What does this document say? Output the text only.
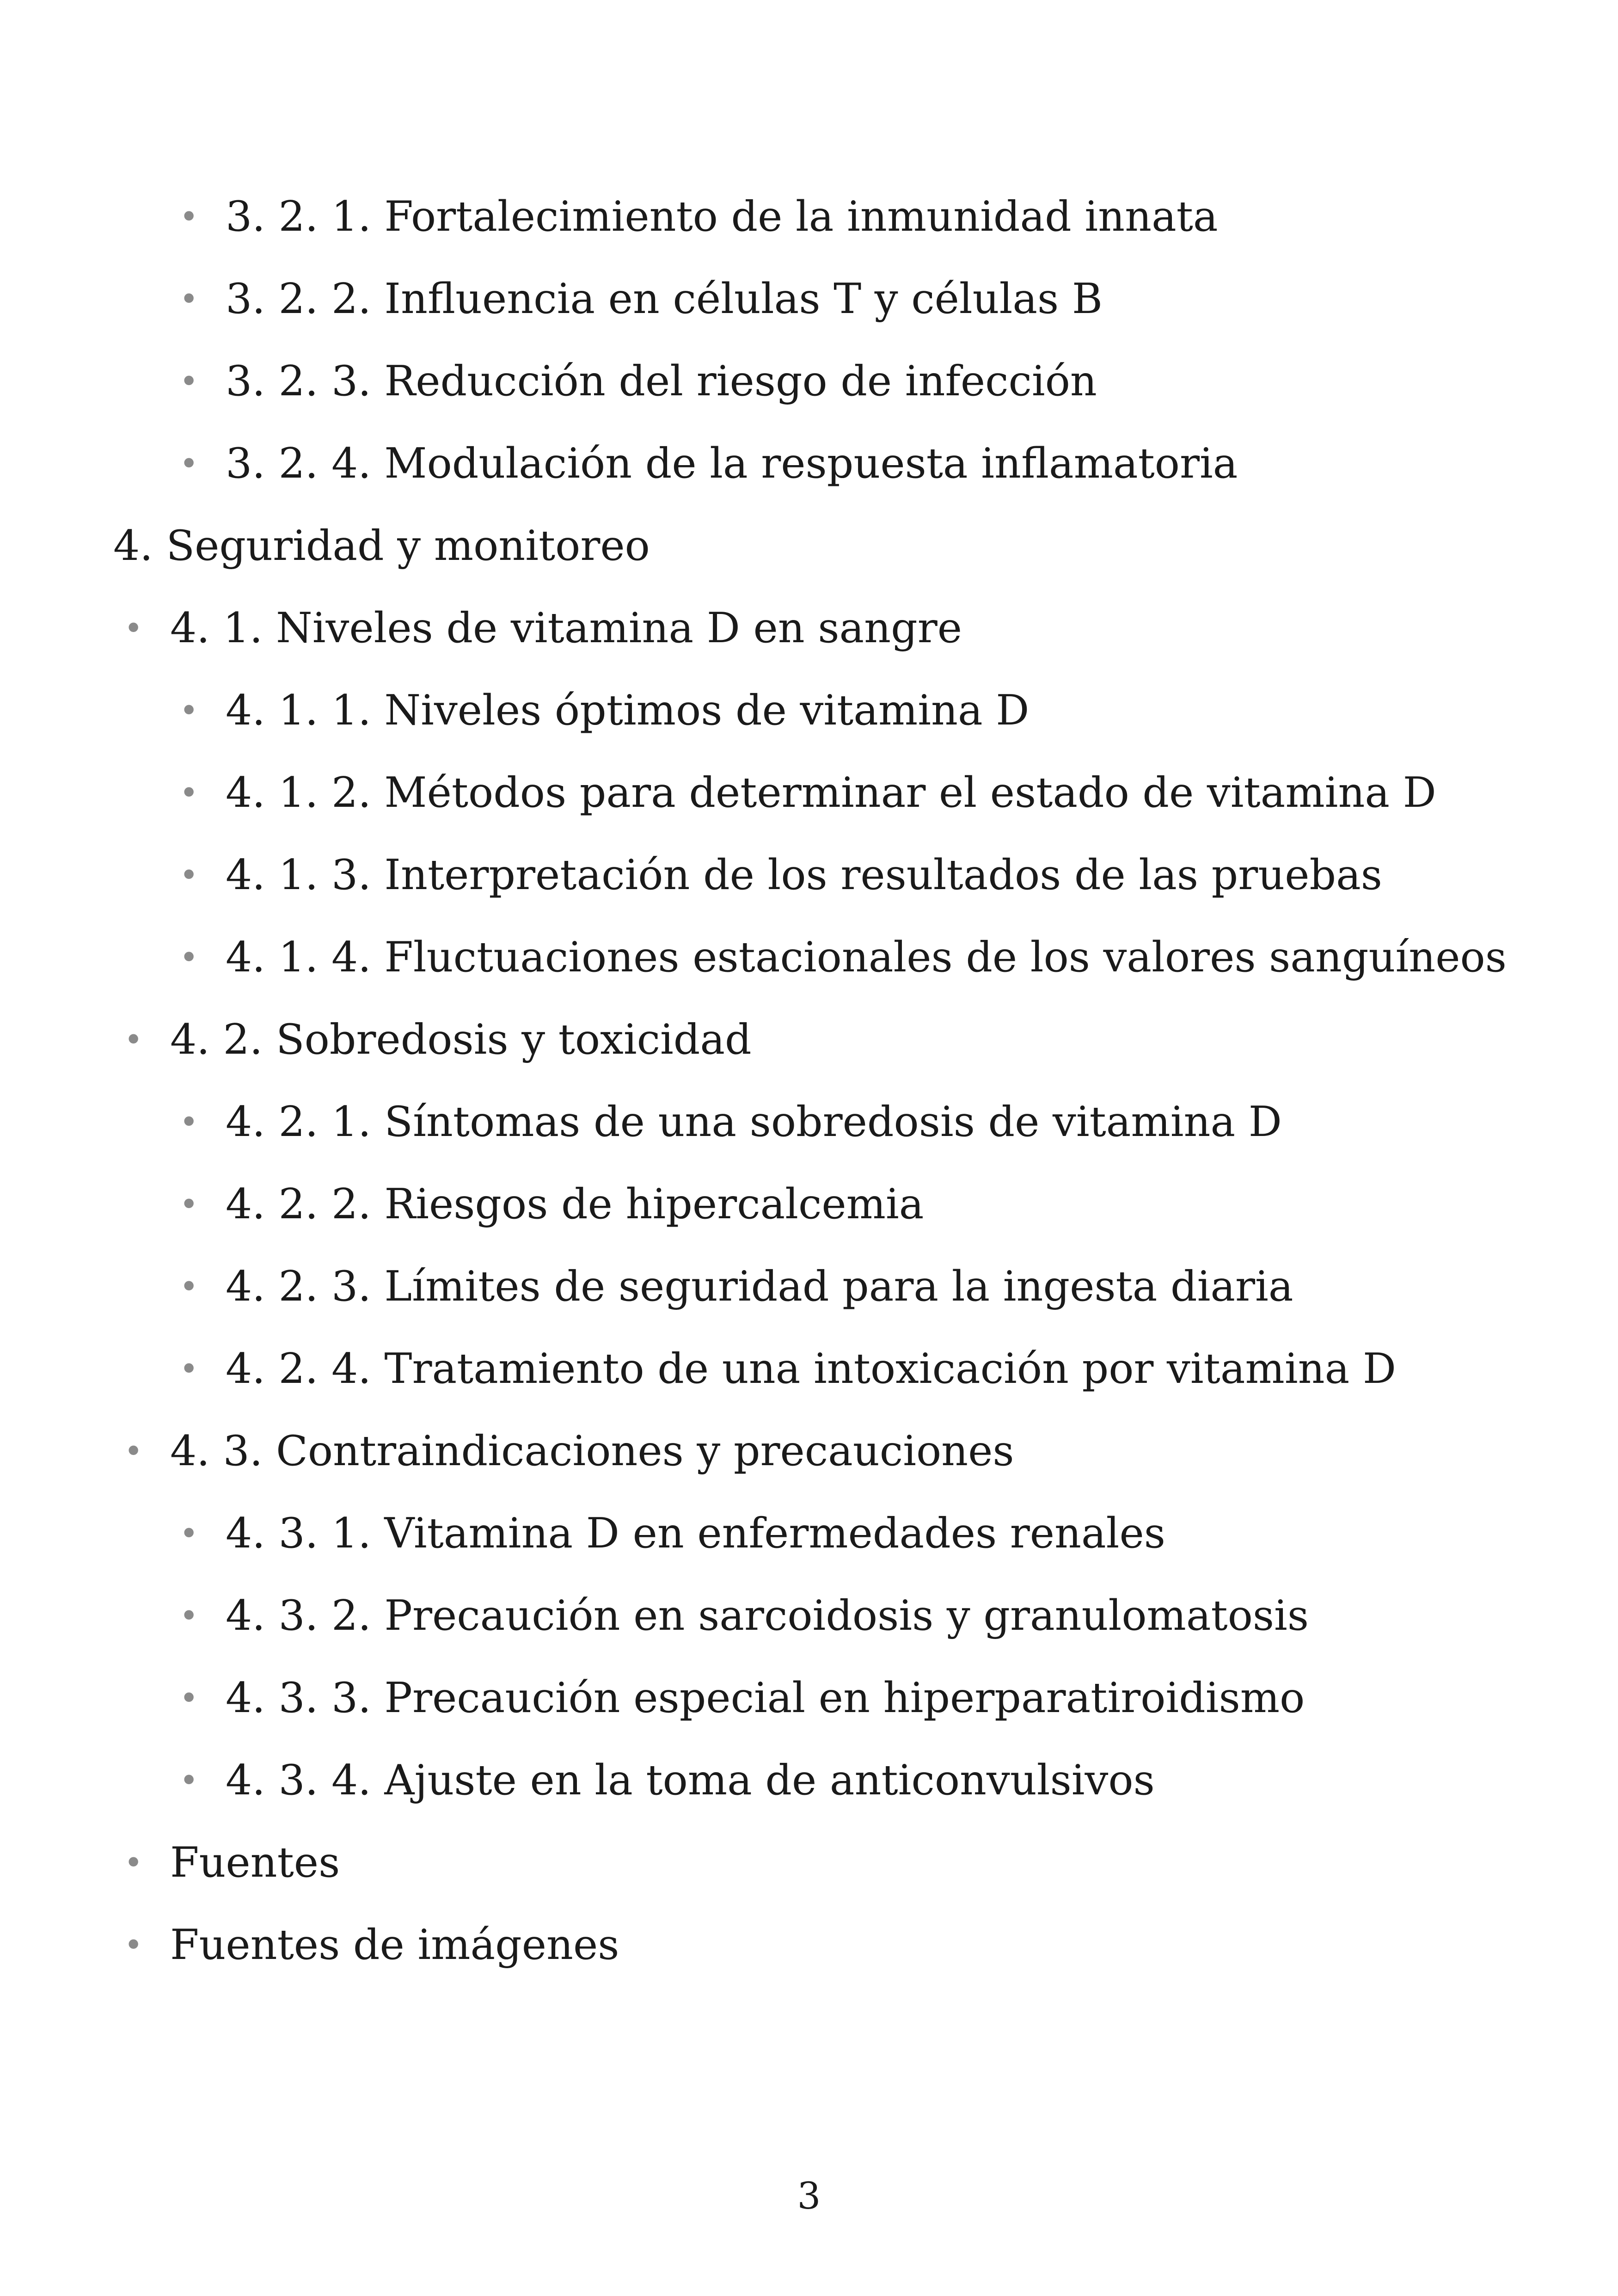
• 3. 2. 1. Fortalecimiento de la inmunidad innata
• 3. 2. 2. Influencia en células T y células B
• 3. 2. 3. Reducción del riesgo de infección
• 3. 2. 4. Modulación de la respuesta inflamatoria
4. Seguridad y monitoreo
• 4. 1. Niveles de vitamina D en sangre
• 4. 1. 1. Niveles óptimos de vitamina D
• 4. 1. 2. Métodos para determinar el estado de vitamina D
• 4. 1. 3. Interpretación de los resultados de las pruebas
• 4. 1. 4. Fluctuaciones estacionales de los valores sanguíneos
• 4. 2. Sobredosis y toxicidad
• 4. 2. 1. Síntomas de una sobredosis de vitamina D
• 4. 2. 2. Riesgos de hipercalcemia
• 4. 2. 3. Límites de seguridad para la ingesta diaria
• 4. 2. 4. Tratamiento de una intoxicación por vitamina D
• 4. 3. Contraindicaciones y precauciones
• 4. 3. 1. Vitamina D en enfermedades renales
• 4. 3. 2. Precaución en sarcoidosis y granulomatosis
• 4. 3. 3. Precaución especial en hiperparatiroidismo
• 4. 3. 4. Ajuste en la toma de anticonvulsivos
• Fuentes
• Fuentes de imágenes
3
